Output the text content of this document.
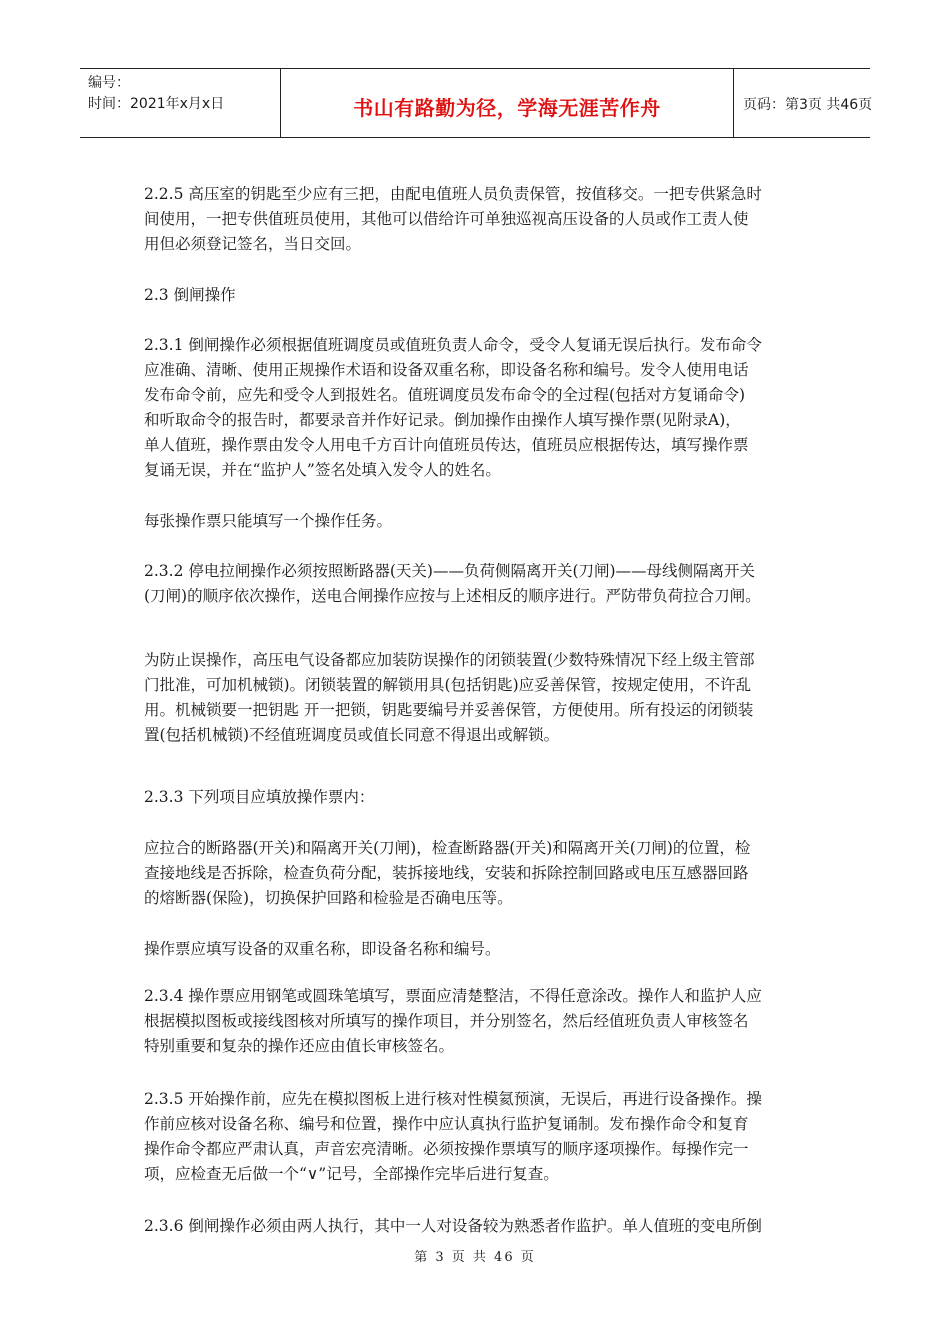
编号：
时间：2021年x月x日	书山有路勤为径，学海无涯苦作舟	页码：第3页 共46页

2.2.5 高压室的钥匙至少应有三把，由配电值班人员负责保管，按值移交。一把专供紧急时
间使用，一把专供值班员使用，其他可以借给许可单独巡视高压设备的人员或作工责人使
用但必须登记签名，当日交回。

2.3 倒闸操作

2.3.1 倒闸操作必须根据值班调度员或值班负责人命令，受令人复诵无误后执行。发布命令
应准确、清晰、使用正规操作术语和设备双重名称，即设备名称和编号。发令人使用电话
发布命令前，应先和受令人到报姓名。值班调度员发布命令的全过程(包括对方复诵命令)
和听取命令的报告时，都要录音并作好记录。倒加操作由操作人填写操作票(见附录A)，
单人值班，操作票由发令人用电千方百计向值班员传达，值班员应根据传达，填写操作票
复诵无误，并在“监护人”签名处填入发令人的姓名。

每张操作票只能填写一个操作任务。

2.3.2 停电拉闸操作必须按照断路器(天关)——负荷侧隔离开关(刀闸)——母线侧隔离开关
(刀闸)的顺序依次操作，送电合闸操作应按与上述相反的顺序进行。严防带负荷拉合刀闸。

为防止误操作，高压电气设备都应加装防误操作的闭锁装置(少数特殊情况下经上级主管部
门批准，可加机械锁)。闭锁装置的解锁用具(包括钥匙)应妥善保管，按规定使用，不许乱
用。机械锁要一把钥匙 开一把锁，钥匙要编号并妥善保管，方便使用。所有投运的闭锁装
置(包括机械锁)不经值班调度员或值长同意不得退出或解锁。

2.3.3 下列项目应填放操作票内：

应拉合的断路器(开关)和隔离开关(刀闸)，检查断路器(开关)和隔离开关(刀闸)的位置，检
查接地线是否拆除，检查负荷分配，装拆接地线，安装和拆除控制回路或电压互感器回路
的熔断器(保险)，切换保护回路和检验是否确电压等。

操作票应填写设备的双重名称，即设备名称和编号。

2.3.4 操作票应用钢笔或圆珠笔填写，票面应清楚整洁，不得任意涂改。操作人和监护人应
根据模拟图板或接线图核对所填写的操作项目，并分别签名，然后经值班负责人审核签名
特别重要和复杂的操作还应由值长审核签名。

2.3.5 开始操作前，应先在模拟图板上进行核对性模氦预演，无误后，再进行设备操作。操
作前应核对设备名称、编号和位置，操作中应认真执行监护复诵制。发布操作命令和复育
操作命令都应严肃认真，声音宏亮清晰。必须按操作票填写的顺序逐项操作。每操作完一
项，应检查无后做一个“∨”记号，全部操作完毕后进行复查。

2.3.6 倒闸操作必须由两人执行，其中一人对设备较为熟悉者作监护。单人值班的变电所倒

第 3 页 共 46 页
